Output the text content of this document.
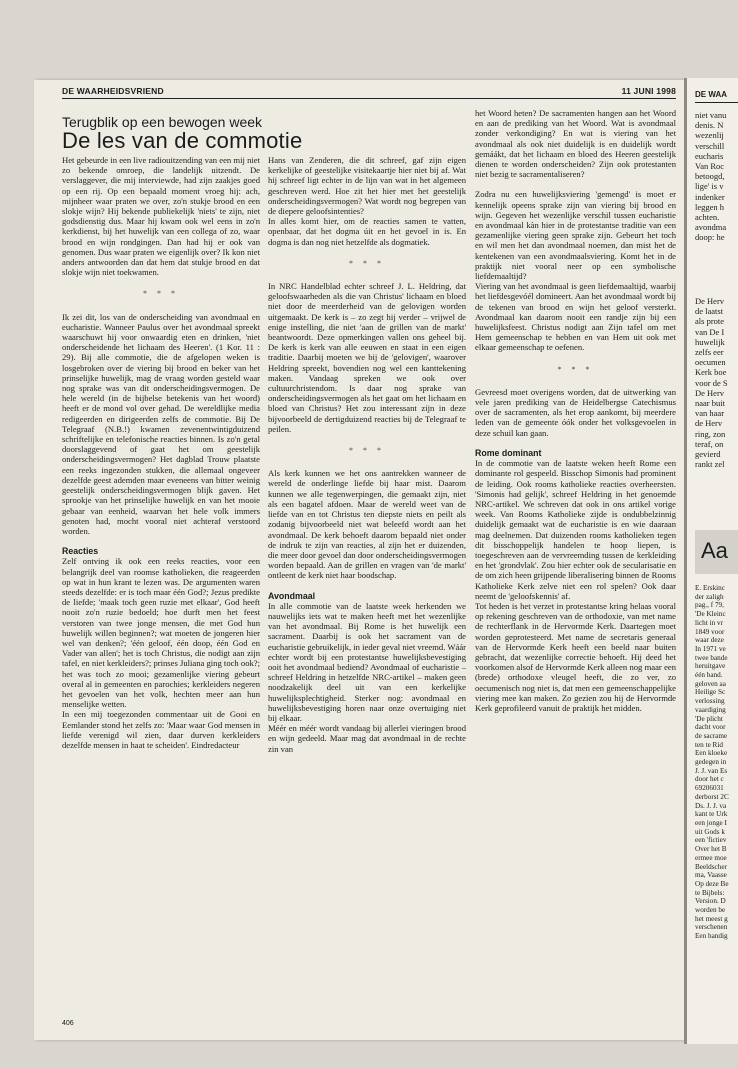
DE WAARHEIDSVRIEND	11 JUNI 1998
Terugblik op een bewogen week
De les van de commotie

Het gebeurde in een live radiouitzending van een mij niet zo bekende omroep, die landelijk uitzendt. De verslaggever, die mij interviewde, had zijn zaakjes goed op een rij. Op een bepaald moment vroeg hij: ach, mijnheer waar praten we over, zo'n stukje brood en een slokje wijn? Hij bekende publiekelijk 'niets' te zijn, niet godsdienstig dus. Maar hij kwam ook wel eens in zo'n kerkdienst, bij het huwelijk van een collega of zo, waar brood en wijn rondgingen. Dan had hij er ook van genomen. Dus waar praten we eigenlijk over? Ik kon niet anders antwoorden dan dat hem dat stukje brood en dat slokje wijn niet toekwamen.

* * *

Ik zei dit, los van de onderscheiding van avondmaal en eucharistie. Wanneer Paulus over het avondmaal spreekt waarschuwt hij voor onwaardig eten en drinken, 'niet onderscheidende het lichaam des Heeren'. (1 Kor. 11 : 29). Bij alle commotie, die de afgelopen weken is losgebroken over de viering bij brood en beker van het prinselijke huwelijk, mag de vraag worden gesteld waar nog sprake was van dit onderscheidingsvermogen. De hele wereld (in de bijbelse betekenis van het woord) heeft er de mond vol over gehad. De wereldlijke media redigeerden en dirigeerden zelfs de commotie. Bij De Telegraaf (N.B.!) kwamen zevenentwintigduizend schriftelijke en telefonische reacties binnen. Is zo'n getal doorslaggevend of gaat het om geestelijk onderscheidingsvermogen? Het dagblad Trouw plaatste een reeks ingezonden stukken, die allemaal ongeveer dezelfde geest ademden maar eveneens van bitter weinig geestelijk onderscheidingsvermogen blijk gaven. Het sprookje van het prinselijke huwelijk en van het mooie gebaar van eenheid, waarvan het hele volk immers genoten had, mocht vooral niet achteraf verstoord worden.

Reacties

Zelf ontving ik ook een reeks reacties, voor een belangrijk deel van roomse katholieken, die reageerden op wat in hun krant te lezen was. De argumenten waren steeds dezelfde: er is toch maar één God?; Jezus predikte de liefde; 'maak toch geen ruzie met elkaar', God heeft nooit zo'n ruzie bedoeld; hoe durft men het feest verstoren van twee jonge mensen, die met God hun huwelijk willen beginnen?; wat moeten de jongeren hier wel van denken?; 'één geloof, één doop, één God en Vader van allen'; het is toch Christus, die nodigt aan zijn tafel, en niet kerkleiders?; prinses Juliana ging toch ook?; het was toch zo mooi; gezamenlijke viering gebeurt overal al in gemeenten en parochies; kerkleiders negeren het gevoelen van het volk, hechten meer aan hun menselijke wetten.

In een mij toegezonden commentaar uit de Gooi en Eemlander stond het zelfs zo: 'Maar waar God mensen in liefde verenigd wil zien, daar durven kerkleiders dezelfde mensen in haat te scheiden'. Eindredacteur

Hans van Zenderen, die dit schreef, gaf zijn eigen kerkelijke of geestelijke visitekaartje hier niet bij af. Wat hij schreef ligt echter in de lijn van wat in het algemeen geschreven werd. Hoe zit het hier met het geestelijk onderscheidingsvermogen? Wat wordt nog begrepen van de diepere geloofsintenties?

In alles komt hier, om de reacties samen te vatten, openbaar, dat het dogma úit en het gevoel in is. En dogma is dan nog niet hetzelfde als dogmatiek.

* * *

In NRC Handelblad echter schreef J. L. Heldring, dat geloofswaarheden als die van Christus' lichaam en bloed niet door de meerderheid van de gelovigen worden uitgemaakt. De kerk is – zo zegt hij verder – vrijwel de enige instelling, die niet 'aan de grillen van de markt' beantwoordt. Deze opmerkingen vallen ons geheel bij. De kerk is kerk van alle eeuwen en staat in een eigen traditie. Daarbij moeten we bij de 'gelovigen', waarover Heldring spreekt, bovendien nog wel een kanttekening maken. Vandaag spreken we ook over cultuurchristendom. Is daar nog sprake van onderscheidingsvermogen als het gaat om het lichaam en bloed van Christus? Het zou interessant zijn in deze bijvoorbeeld de dertigduizend reacties bij de Telegraaf te peilen.

* * *

Als kerk kunnen we het ons aantrekken wanneer de wereld de onderlinge liefde bij haar mist. Daarom kunnen we alle tegenwerpingen, die gemaakt zijn, niet als een bagatel afdoen. Maar de wereld weet van de liefde van en tot Christus ten diepste niets en peilt als zodanig bijvoorbeeld niet wat beleefd wordt aan het avondmaal. De kerk behoeft daarom bepaald niet onder de indruk te zijn van reacties, al zijn het er duizenden, die meer door gevoel dan door onderscheidingsvermogen worden bepaald. Aan de grillen en vragen van 'de markt' ontleent de kerk niet haar boodschap.

Avondmaal

In alle commotie van de laatste week herkenden we nauwelijks iets wat te maken heeft met het wezenlijke van het avondmaal. Bij Rome is het huwelijk een sacrament. Daarbij is ook het sacrament van de eucharistie gebruikelijk, in ieder geval niet vreemd. Wáár echter wordt bij een protestantse huwelijksbevestiging ooit het avondmaal bediend? Avondmaal of eucharistie – schreef Heldring in hetzelfde NRC-artikel – maken geen noodzakelijk deel uit van een kerkelijke huwelijksplechtigheid. Sterker nog: avondmaal en huwelijksbevestiging horen naar onze overtuiging niet bij elkaar.

Méér en méér wordt vandaag bij allerlei vieringen brood en wijn gedeeld. Maar mag dat avondmaal in de rechte zin van

het Woord heten? De sacramenten hangen aan het Woord en aan de prediking van het Woord. Wat is avondmaal zonder verkondiging? En wat is viering van het avondmaal als ook niet duidelijk is en duidelijk wordt gemáákt, dat het lichaam en bloed des Heeren geestelijk dienen te worden onderscheiden? Zijn ook protestanten niet bezig te sacramentaliseren?

Zodra nu een huwelijksviering 'gemengd' is moet er kennelijk opeens sprake zijn van viering bij brood en wijn. Gegeven het wezenlijke verschil tussen eucharistie en avondmaal kàn hier in de protestantse traditie van een gezamenlijke viering geen sprake zijn. Gebeurt het toch en wil men het dan avondmaal noemen, dan mist het de kentekenen van een avondmaalsviering. Komt het in de praktijk niet vooral neer op een symbolische liefdemaaltijd?

Viering van het avondmaal is geen liefdemaaltijd, waarbij het liefdesgevóél domineert. Aan het avondmaal wordt bij de tekenen van brood en wijn het geloof versterkt. Avondmaal kan daarom nooit een randje zijn bij een huwelijksfeest. Christus nodigt aan Zijn tafel om met Hem gemeenschap te hebben en van Hem uit ook met elkaar gemeenschap te oefenen.

* * *

Gevreesd moet overigens worden, dat de uitwerking van vele jaren prediking van de Heidelbergse Catechismus over de sacramenten, als het erop aankomt, bij meerdere leden van de gemeente óók onder het volksgevoelen in deze schuil kan gaan.

Rome dominant

In de commotie van de laatste weken heeft Rome een dominante rol gespeeld. Bisschop Simonis had prominent de leiding. Ook rooms katholieke reacties overheersten. 'Simonis had gelijk', schreef Heldring in het genoemde NRC-artikel. We schreven dat ook in ons artikel vorige week. Van Rooms Katholieke zijde is ondubbelzinnig duidelijk gemaakt wat de eucharistie is en wie daaraan mag deelnemen. Dat duizenden rooms katholieken tegen dit bisschoppelijk handelen te hoop liepen, is toegeschreven aan de vervreemding tussen de kerkleiding en het 'grondvlak'. Zou hier echter ook de secularisatie en de om zich heen grijpende liberalisering binnen de Rooms Katholieke Kerk zelve niet een rol spelen? Ook daar neemt de 'geloofskennis' af.

Tot heden is het verzet in protestantse kring helaas vooral op rekening geschreven van de orthodoxie, van met name de rechterflank in de Hervormde Kerk. Daartegen moet worden geprotesteerd. Met name de secretaris generaal van de Hervormde Kerk heeft een beeld naar buiten gebracht, dat wezenlijke correctie behoeft. Hij deed het voorkomen alsof de Hervormde Kerk alleen nog maar een (brede) orthodoxe vleugel heeft, die zo ver, zo oecumenisch nog niet is, dat men een gemeenschappelijke viering mee kan maken. Zo gezien zou hij de Hervormde Kerk geprofileerd vanuit de praktijk het midden.

406
DE WAA
niet vanu
denis. N
wezenlij
verschill
eucharis
Van Roc
betoogd,
lige' is v
indenker
leggen h
achten.
avondma
doop: he
De Herv
de laatst
als prote
van De I
huwelijk
zelfs eer
oecumen
Kerk boe
voor de S
De Herv
naar buit
van haar
de Herv
ring, zon
teraf, on
gevierd
rankt zel
Aa
E. Erskinc
der zaligh
pag., f 79,
'De Kleinc
licht in vr
1849 voor
waar deze
In 1971 ve
twee bande
heruitgave
één band.
geloven aa
Heilige Sc
verlossing
vaardiging
'De plicht
dacht voor
de sacrame
ten te Rid
Een kloeke
gedegen in
J. J. van Es
door het c
69206031
derborst 2C
Ds. J. J. va
kant te Urk
een jonge I
uit Gods k
een 'fictiev
Over het B
ermee moe
Beeldscher
ma, Vaasse
Op deze Be
te Bijbels:
Version. D
worden be
het meest g
verschenen
Een handig
